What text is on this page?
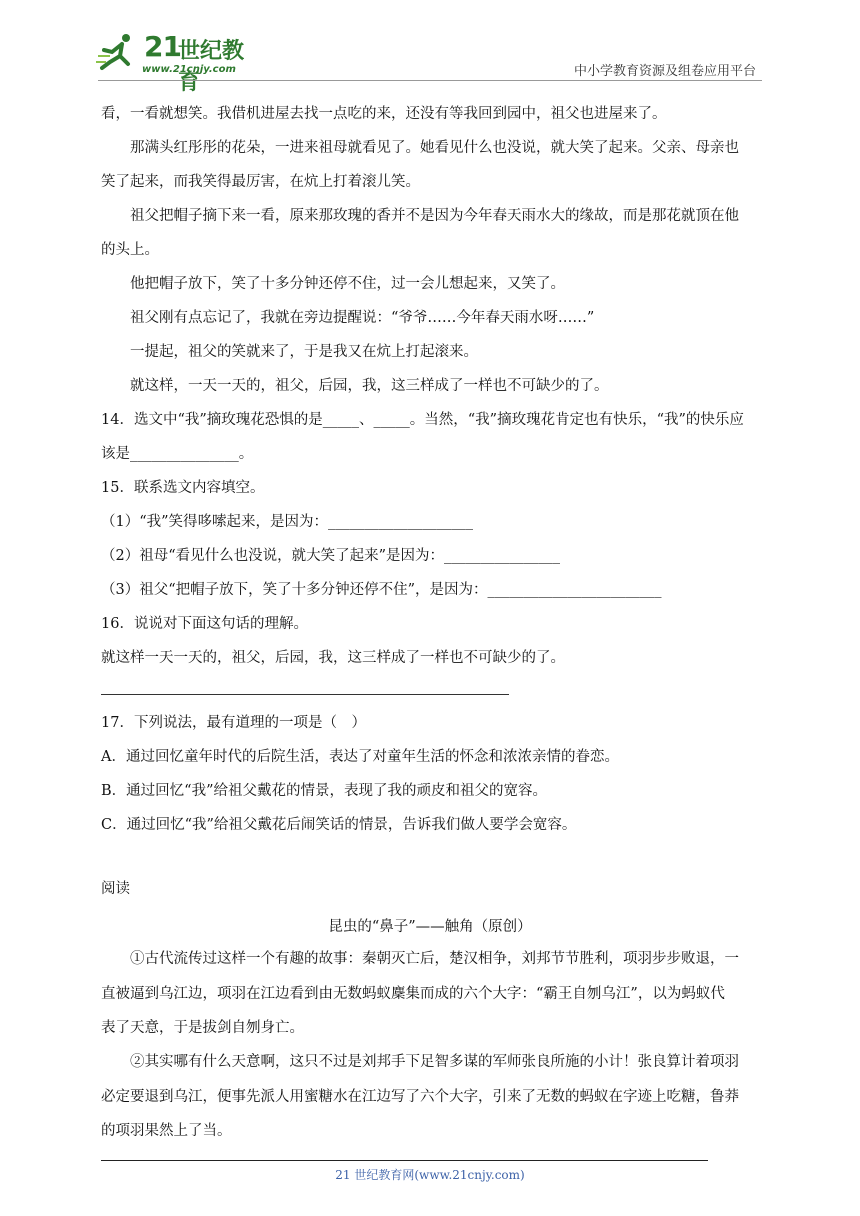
21
世纪教育
www.21cnjy.com	中小学教育资源及组卷应用平台
看，一看就想笑。我借机进屋去找一点吃的来，还没有等我回到园中，祖父也进屋来了。
　　那满头红彤彤的花朵，一进来祖母就看见了。她看见什么也没说，就大笑了起来。父亲、母亲也
笑了起来，而我笑得最厉害，在炕上打着滚儿笑。
　　祖父把帽子摘下来一看，原来那玫瑰的香并不是因为今年春天雨水大的缘故，而是那花就顶在他
的头上。
　　他把帽子放下，笑了十多分钟还停不住，过一会儿想起来，又笑了。
　　祖父刚有点忘记了，我就在旁边提醒说：“爷爷……今年春天雨水呀……”
　　一提起，祖父的笑就来了，于是我又在炕上打起滚来。
　　就这样，一天一天的，祖父，后园，我，这三样成了一样也不可缺少的了。
14．选文中“我”摘玫瑰花恐惧的是_____、_____。当然，“我”摘玫瑰花肯定也有快乐，“我”的快乐应
该是_______________。
15．联系选文内容填空。
（1）“我”笑得哆嗦起来，是因为：____________________
（2）祖母“看见什么也没说，就大笑了起来”是因为：________________
（3）祖父“把帽子放下，笑了十多分钟还停不住”，是因为：________________________
16．说说对下面这句话的理解。
就这样一天一天的，祖父，后园，我，这三样成了一样也不可缺少的了。
17．下列说法，最有道理的一项是（　）
A．通过回忆童年时代的后院生活，表达了对童年生活的怀念和浓浓亲情的眷恋。
B．通过回忆“我”给祖父戴花的情景，表现了我的顽皮和祖父的宽容。
C．通过回忆“我”给祖父戴花后闹笑话的情景，告诉我们做人要学会宽容。
阅读
昆虫的“鼻子”——触角（原创）
　　①古代流传过这样一个有趣的故事：秦朝灭亡后，楚汉相争，刘邦节节胜利，项羽步步败退，一
直被逼到乌江边，项羽在江边看到由无数蚂蚁麇集而成的六个大字：“霸王自刎乌江”，以为蚂蚁代
表了天意，于是拔剑自刎身亡。
　　②其实哪有什么天意啊，这只不过是刘邦手下足智多谋的军师张良所施的小计！张良算计着项羽
必定要退到乌江，便事先派人用蜜糖水在江边写了六个大字，引来了无数的蚂蚁在字迹上吃糖，鲁莽
的项羽果然上了当。
21 世纪教育网(www.21cnjy.com)
